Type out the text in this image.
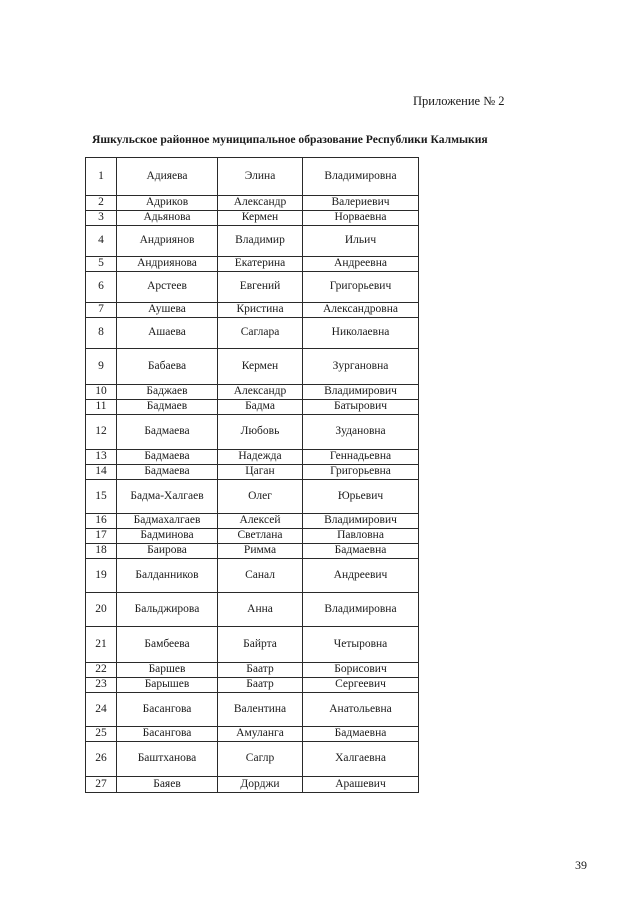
Приложение № 2
Яшкульское районное муниципальное образование Республики Калмыкия
1	Адияева	Элина	Владимировна
2	Адриков	Александр	Валериевич
3	Адьянова	Кермен	Норваевна
4	Андриянов	Владимир	Ильич
5	Андриянова	Екатерина	Андреевна
6	Арстеев	Евгений	Григорьевич
7	Аушева	Кристина	Александровна
8	Ашаева	Саглара	Николаевна
9	Бабаева	Кермен	Зургановна
10	Баджаев	Александр	Владимирович
11	Бадмаев	Бадма	Батырович
12	Бадмаева	Любовь	Зудановна
13	Бадмаева	Надежда	Геннадьевна
14	Бадмаева	Цаган	Григорьевна
15	Бадма-Халгаев	Олег	Юрьевич
16	Бадмахалгаев	Алексей	Владимирович
17	Бадминова	Светлана	Павловна
18	Баирова	Римма	Бадмаевна
19	Балданников	Санал	Андреевич
20	Бальджирова	Анна	Владимировна
21	Бамбеева	Байрта	Четыровна
22	Баршев	Баатр	Борисович
23	Барышев	Баатр	Сергеевич
24	Басангова	Валентина	Анатольевна
25	Басангова	Амуланга	Бадмаевна
26	Баштханова	Саглр	Халгаевна
27	Баяев	Дорджи	Арашевич
39
